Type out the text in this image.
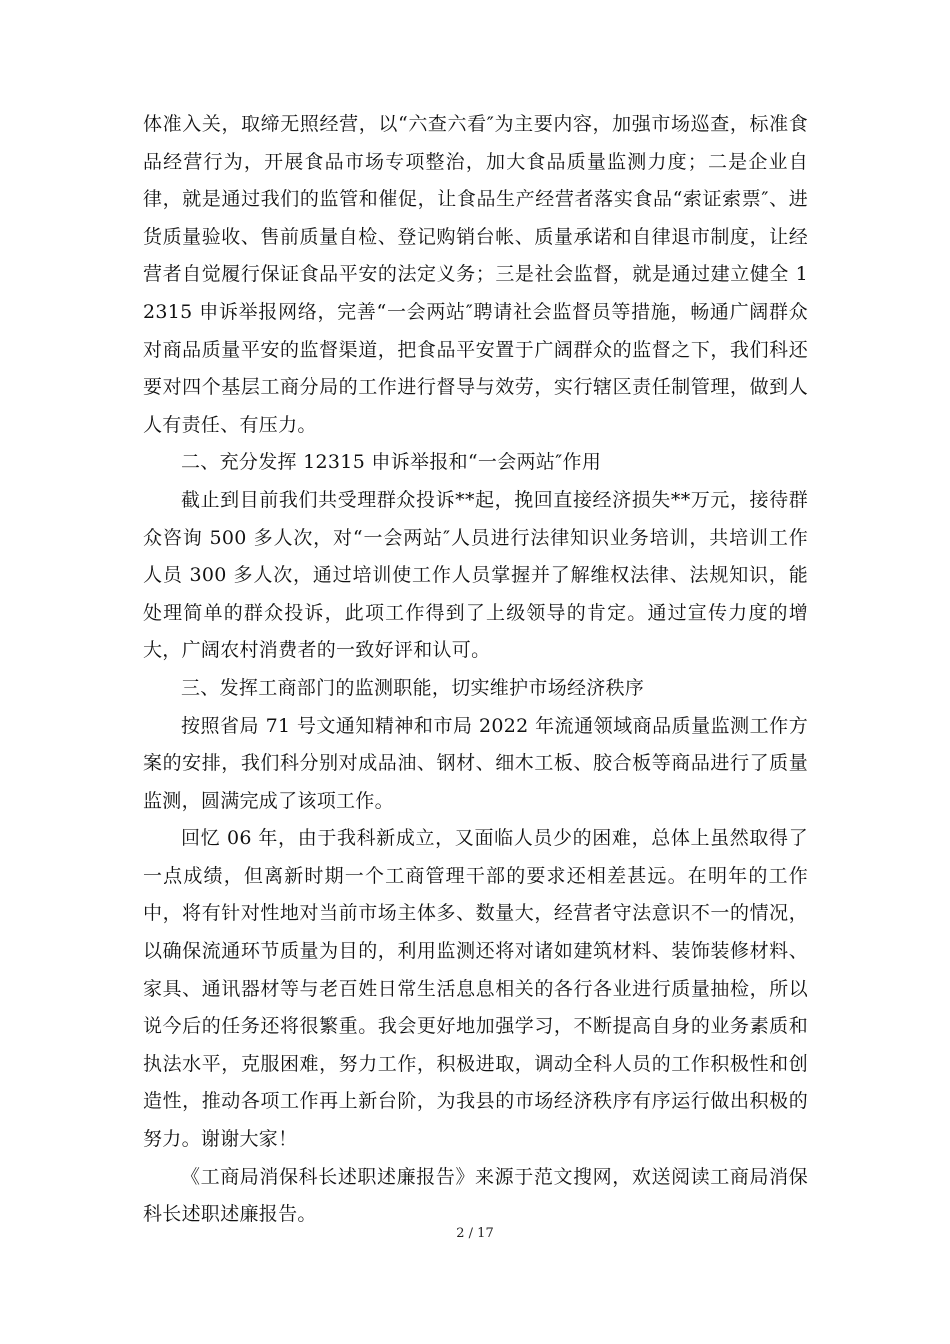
体准入关，取缔无照经营，以“六查六看″为主要内容，加强市场巡查，标准食品经营行为，开展食品市场专项整治，加大食品质量监测力度；二是企业自律，就是通过我们的监管和催促，让食品生产经营者落实食品“索证索票″、进货质量验收、售前质量自检、登记购销台帐、质量承诺和自律退市制度，让经营者自觉履行保证食品平安的法定义务；三是社会监督，就是通过建立健全 12315 申诉举报网络，完善“一会两站″聘请社会监督员等措施，畅通广阔群众对商品质量平安的监督渠道，把食品平安置于广阔群众的监督之下，我们科还要对四个基层工商分局的工作进行督导与效劳，实行辖区责任制管理，做到人人有责任、有压力。

二、充分发挥 12315 申诉举报和“一会两站″作用

截止到目前我们共受理群众投诉**起，挽回直接经济损失**万元，接待群众咨询 500 多人次，对“一会两站″人员进行法律知识业务培训，共培训工作人员 300 多人次，通过培训使工作人员掌握并了解维权法律、法规知识，能处理简单的群众投诉，此项工作得到了上级领导的肯定。通过宣传力度的增大，广阔农村消费者的一致好评和认可。

三、发挥工商部门的监测职能，切实维护市场经济秩序

按照省局 71 号文通知精神和市局 2022 年流通领域商品质量监测工作方案的安排，我们科分别对成品油、钢材、细木工板、胶合板等商品进行了质量监测，圆满完成了该项工作。

回忆 06 年，由于我科新成立，又面临人员少的困难，总体上虽然取得了一点成绩，但离新时期一个工商管理干部的要求还相差甚远。在明年的工作中，将有针对性地对当前市场主体多、数量大，经营者守法意识不一的情况，以确保流通环节质量为目的，利用监测还将对诸如建筑材料、装饰装修材料、家具、通讯器材等与老百姓日常生活息息相关的各行各业进行质量抽检，所以说今后的任务还将很繁重。我会更好地加强学习，不断提高自身的业务素质和执法水平，克服困难，努力工作，积极进取，调动全科人员的工作积极性和创造性，推动各项工作再上新台阶，为我县的市场经济秩序有序运行做出积极的努力。谢谢大家！

《工商局消保科长述职述廉报告》来源于范文搜网，欢送阅读工商局消保科长述职述廉报告。

2 / 17
